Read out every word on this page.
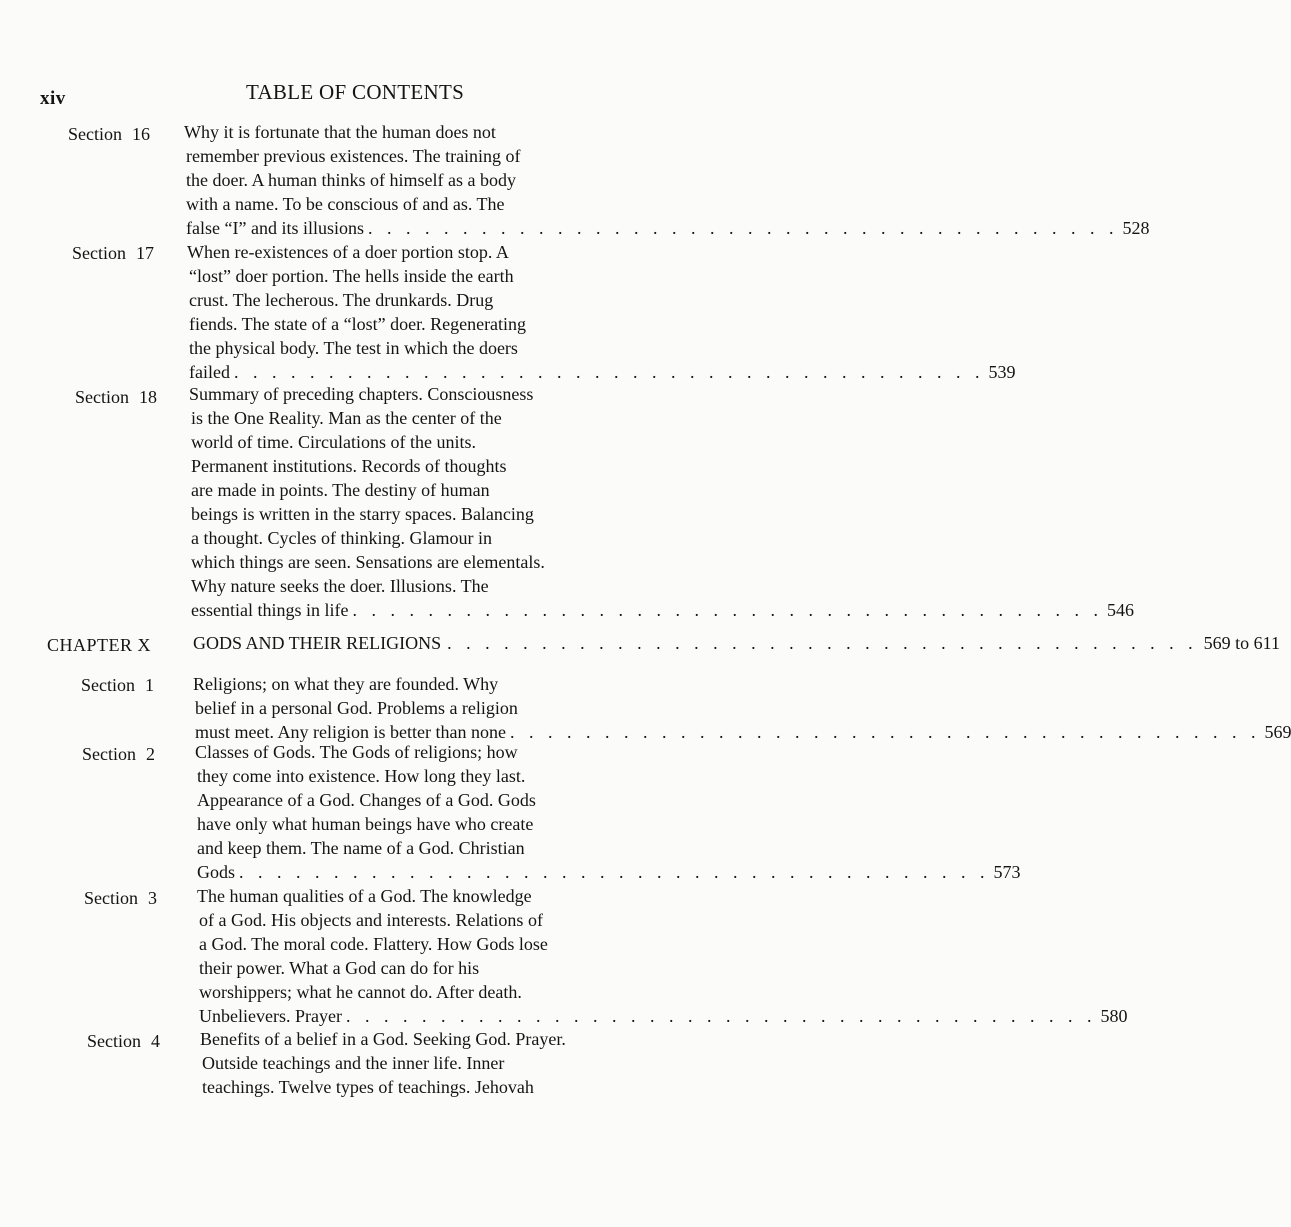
xiv	TABLE OF CONTENTS
Section 16 Why it is fortunate that the human does not
remember previous existences. The training of
the doer. A human thinks of himself as a body
with a name. To be conscious of and as. The
false “I” and its illusions . . . . . . . . . . . . . . . . . . . . . . . . . . . . . . . . . . . . . . . . 528
Section 17 When re-existences of a doer portion stop. A
“lost” doer portion. The hells inside the earth
crust. The lecherous. The drunkards. Drug
fiends. The state of a “lost” doer. Regenerating
the physical body. The test in which the doers
failed . . . . . . . . . . . . . . . . . . . . . . . . . . . . . . . . . . . . . . . . 539
Section 18 Summary of preceding chapters. Consciousness
is the One Reality. Man as the center of the
world of time. Circulations of the units.
Permanent institutions. Records of thoughts
are made in points. The destiny of human
beings is written in the starry spaces. Balancing
a thought. Cycles of thinking. Glamour in
which things are seen. Sensations are elementals.
Why nature seeks the doer. Illusions. The
essential things in life . . . . . . . . . . . . . . . . . . . . . . . . . . . . . . . . . . . . . . . . 546
Section 1 Religions; on what they are founded. Why
belief in a personal God. Problems a religion
must meet. Any religion is better than none . . . . . . . . . . . . . . . . . . . . . . . . . . . . . . . . . . . . . . . . 569
Section 2 Classes of Gods. The Gods of religions; how
they come into existence. How long they last.
Appearance of a God. Changes of a God. Gods
have only what human beings have who create
and keep them. The name of a God. Christian
Gods . . . . . . . . . . . . . . . . . . . . . . . . . . . . . . . . . . . . . . . . 573
Section 3 The human qualities of a God. The knowledge
of a God. His objects and interests. Relations of
a God. The moral code. Flattery. How Gods lose
their power. What a God can do for his
worshippers; what he cannot do. After death.
Unbelievers. Prayer . . . . . . . . . . . . . . . . . . . . . . . . . . . . . . . . . . . . . . . . 580
Section 4 Benefits of a belief in a God. Seeking God. Prayer.
Outside teachings and the inner life. Inner
teachings. Twelve types of teachings. Jehovah
CHAPTER X GODS AND THEIR RELIGIONS . . . . . . . . . . . . . . . . . . . . . . . . . . . . . . . . . . . . . . . . 569 to 611
